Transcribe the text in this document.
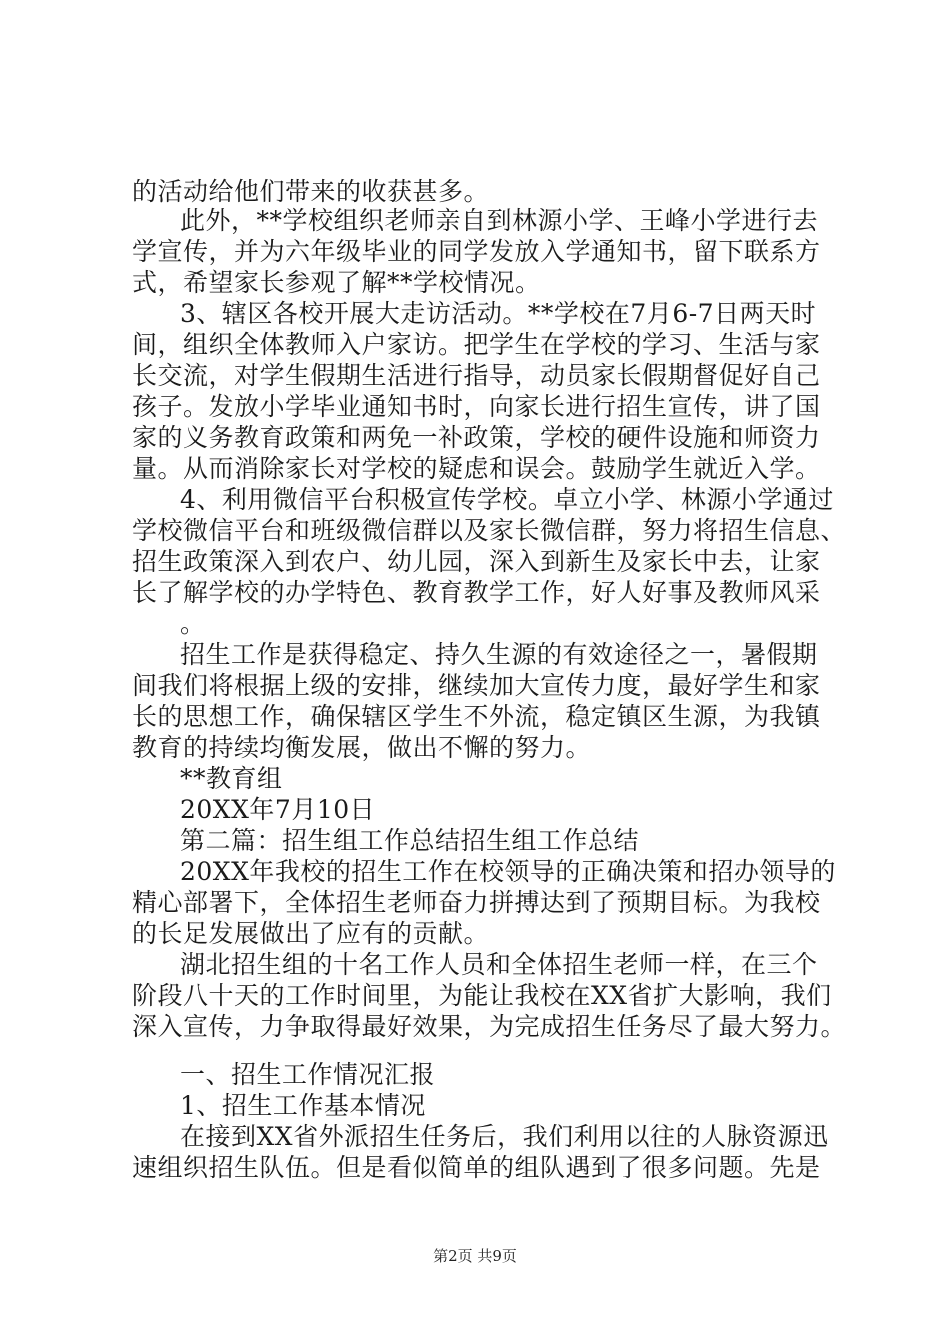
的活动给他们带来的收获甚多。
此外，**学校组织老师亲自到林源小学、王峰小学进行去
学宣传，并为六年级毕业的同学发放入学通知书，留下联系方
式，希望家长参观了解**学校情况。
3、辖区各校开展大走访活动。**学校在7月6-7日两天时
间，组织全体教师入户家访。把学生在学校的学习、生活与家
长交流，对学生假期生活进行指导，动员家长假期督促好自己
孩子。发放小学毕业通知书时，向家长进行招生宣传，讲了国
家的义务教育政策和两免一补政策，学校的硬件设施和师资力
量。从而消除家长对学校的疑虑和误会。鼓励学生就近入学。
4、利用微信平台积极宣传学校。卓立小学、林源小学通过
学校微信平台和班级微信群以及家长微信群，努力将招生信息、
招生政策深入到农户、幼儿园，深入到新生及家长中去，让家
长了解学校的办学特色、教育教学工作，好人好事及教师风采
。
招生工作是获得稳定、持久生源的有效途径之一，暑假期
间我们将根据上级的安排，继续加大宣传力度，最好学生和家
长的思想工作，确保辖区学生不外流，稳定镇区生源，为我镇
教育的持续均衡发展，做出不懈的努力。
**教育组
20XX年7月10日
第二篇：招生组工作总结招生组工作总结
20XX年我校的招生工作在校领导的正确决策和招办领导的
精心部署下，全体招生老师奋力拼搏达到了预期目标。为我校
的长足发展做出了应有的贡献。
湖北招生组的十名工作人员和全体招生老师一样，在三个
阶段八十天的工作时间里，为能让我校在XX省扩大影响，我们
深入宣传，力争取得最好效果，为完成招生任务尽了最大努力。
一、招生工作情况汇报
1、招生工作基本情况
在接到XX省外派招生任务后，我们利用以往的人脉资源迅
速组织招生队伍。但是看似简单的组队遇到了很多问题。先是
第2页 共9页
